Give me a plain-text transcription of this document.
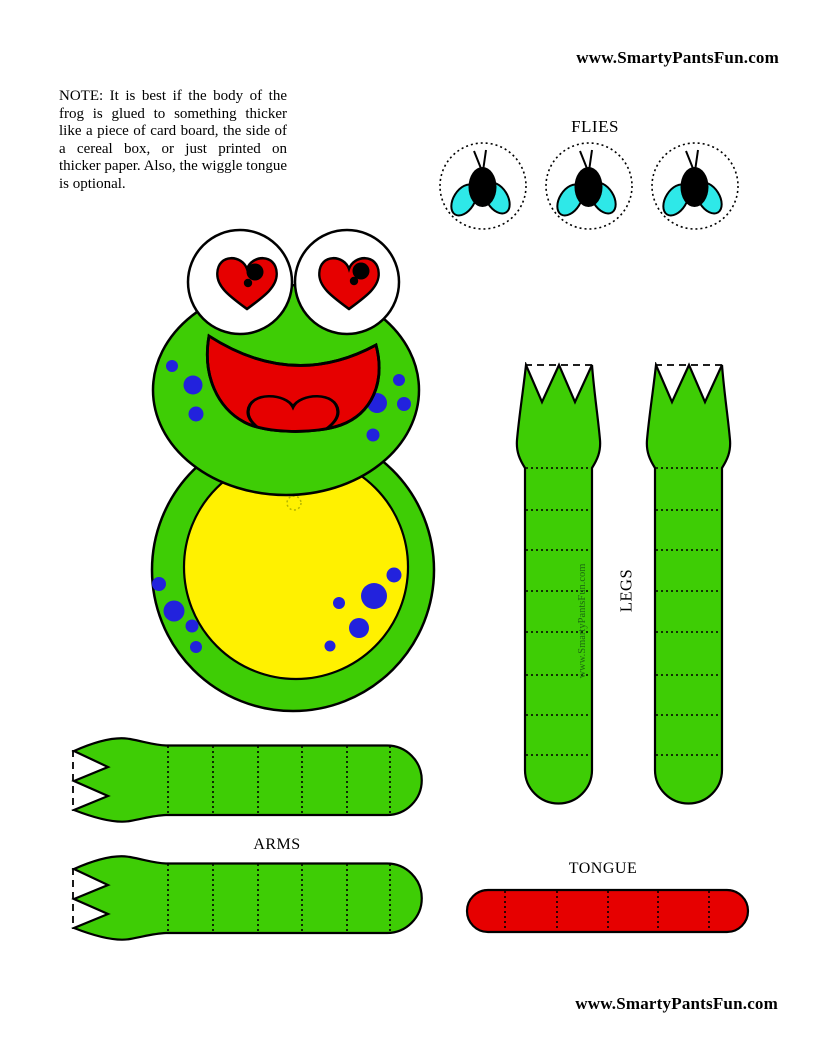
www.SmartyPantsFun.com
NOTE: It is best if the body of the frog is glued to something thicker like a piece of card board, the side of a cereal box, or just printed on thicker paper. Also, the wiggle tongue is optional.
FLIES
www.SmartyPantsFun.com LEGS
ARMS
TONGUE
www.SmartyPantsFun.com
